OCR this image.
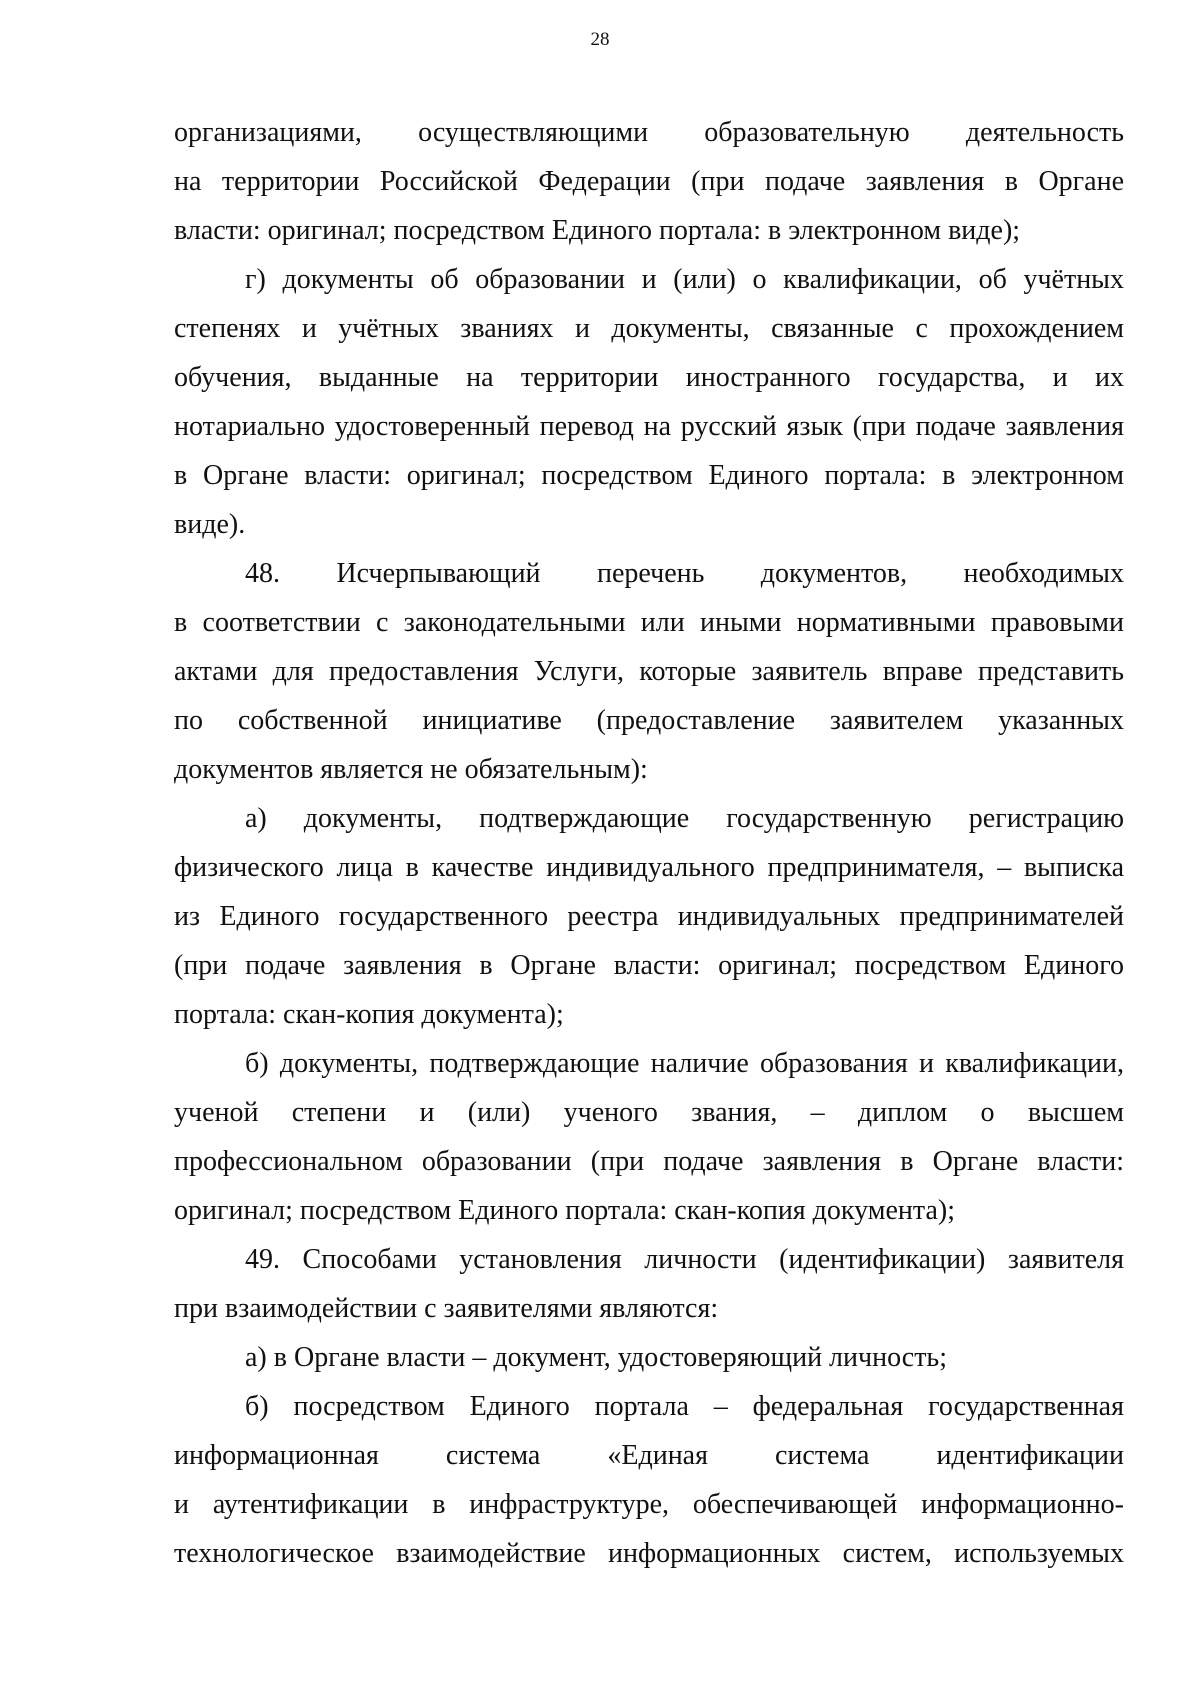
28

организациями, осуществляющими образовательную деятельность
на территории Российской Федерации (при подаче заявления в Органе
власти: оригинал; посредством Единого портала: в электронном виде);

г) документы об образовании и (или) о квалификации, об учётных
степенях и учётных званиях и документы, связанные с прохождением
обучения, выданные на территории иностранного государства, и их
нотариально удостоверенный перевод на русский язык (при подаче заявления
в Органе власти: оригинал; посредством Единого портала: в электронном
виде).

48. Исчерпывающий перечень документов, необходимых
в соответствии с законодательными или иными нормативными правовыми
актами для предоставления Услуги, которые заявитель вправе представить
по собственной инициативе (предоставление заявителем указанных
документов является не обязательным):

а) документы, подтверждающие государственную регистрацию
физического лица в качестве индивидуального предпринимателя, – выписка
из Единого государственного реестра индивидуальных предпринимателей
(при подаче заявления в Органе власти: оригинал; посредством Единого
портала: скан-копия документа);

б) документы, подтверждающие наличие образования и квалификации,
ученой степени и (или) ученого звания, – диплом о высшем
профессиональном образовании (при подаче заявления в Органе власти:
оригинал; посредством Единого портала: скан-копия документа);

49. Способами установления личности (идентификации) заявителя
при взаимодействии с заявителями являются:

а) в Органе власти – документ, удостоверяющий личность;

б) посредством Единого портала – федеральная государственная
информационная система «Единая система идентификации
и аутентификации в инфраструктуре, обеспечивающей информационно-
технологическое взаимодействие информационных систем, используемых
